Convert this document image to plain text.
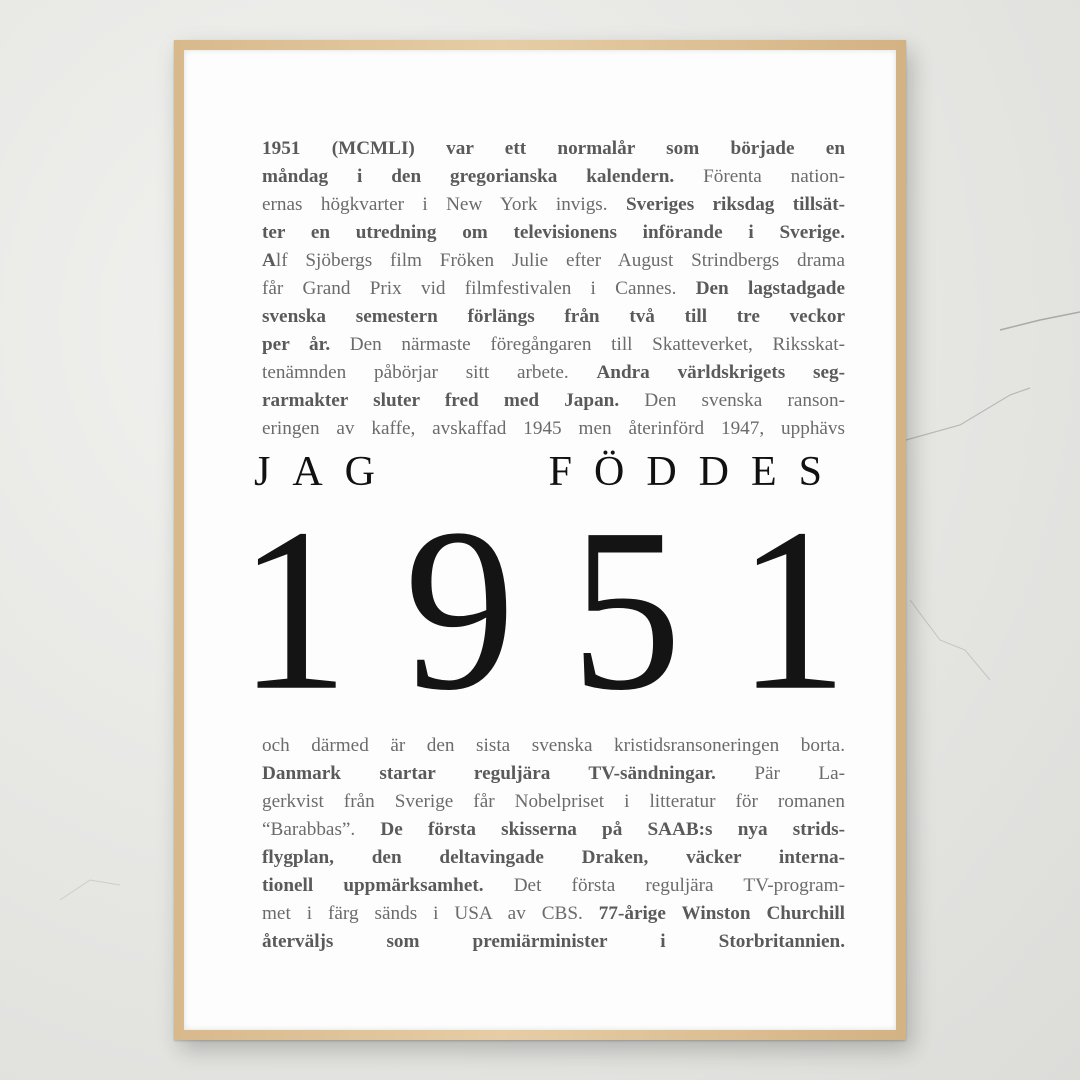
1951 (MCMLI) var ett normalår som började en
måndag i den gregorianska kalendern. Förenta nation-
ernas högkvarter i New York invigs. Sveriges riksdag tillsät-
ter en utredning om televisionens införande i Sverige.
Alf Sjöbergs film Fröken Julie efter August Strindbergs drama
får Grand Prix vid filmfestivalen i Cannes. Den lagstadgade
svenska semestern förlängs från två till tre veckor
per år. Den närmaste föregångaren till Skatteverket, Riksskat-
tenämnden påbörjar sitt arbete. Andra världskrigets seg-
rarmakter sluter fred med Japan. Den svenska ranson-
eringen av kaffe, avskaffad 1945 men återinförd 1947, upphävs
JAG FÖDDES
1 9 5 1
och därmed är den sista svenska kristidsransoneringen borta.
Danmark startar reguljära TV-sändningar. Pär La-
gerkvist från Sverige får Nobelpriset i litteratur för romanen
“Barabbas”. De första skisserna på SAAB:s nya strids-
flygplan, den deltavingade Draken, väcker interna-
tionell uppmärksamhet. Det första reguljära TV-program-
met i färg sänds i USA av CBS. 77-årige Winston Churchill
återväljs som premiärminister i Storbritannien.
